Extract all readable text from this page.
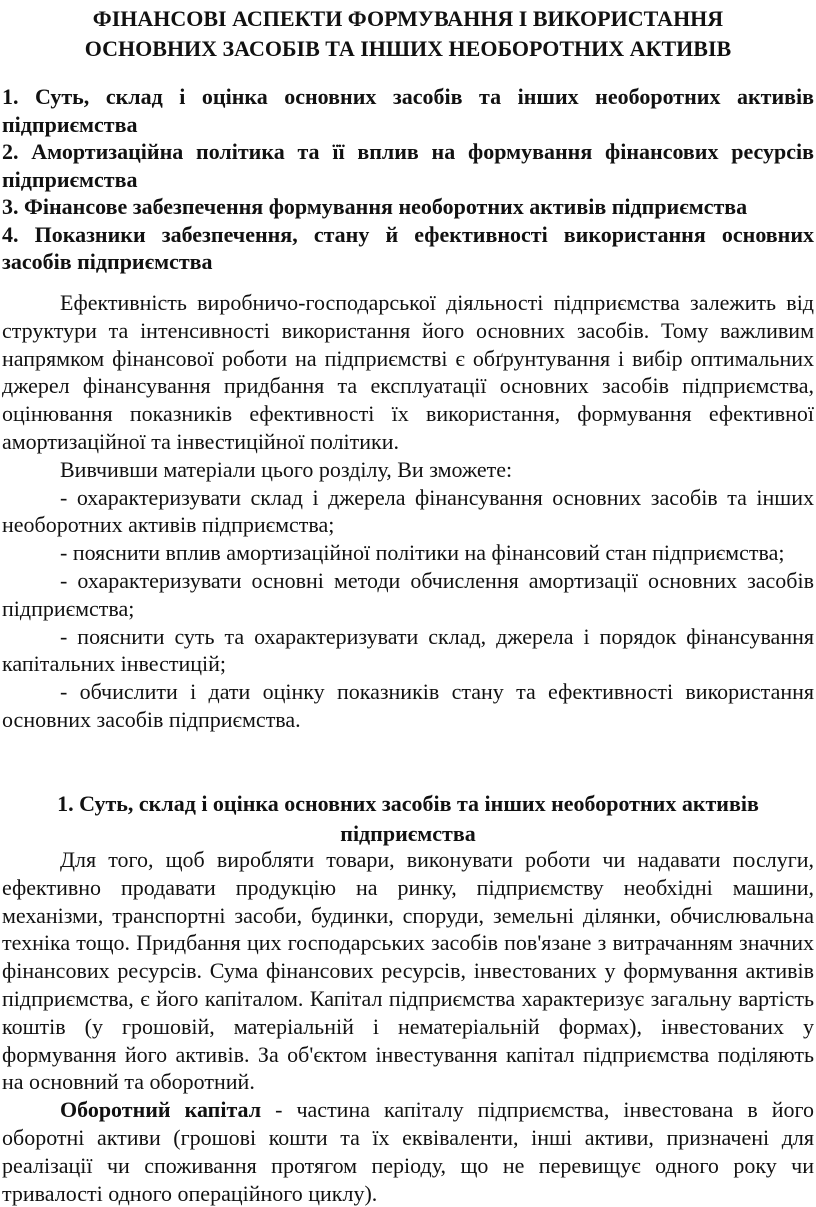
ФІНАНСОВІ АСПЕКТИ ФОРМУВАННЯ І ВИКОРИСТАННЯ
ОСНОВНИХ ЗАСОБІВ ТА ІНШИХ НЕОБОРОТНИХ АКТИВІВ
1. Суть, склад і оцінка основних засобів та інших необоротних активів підприємства
2. Амортизаційна політика та її вплив на формування фінансових ресурсів підприємства
3. Фінансове забезпечення формування необоротних активів підприємства
4. Показники забезпечення, стану й ефективності використання основних засобів підприємства

Ефективність виробничо-господарської діяльності підприємства залежить від структури та інтенсивності використання його основних засобів. Тому важливим напрямком фінансової роботи на підприємстві є обґрунтування і вибір оптимальних джерел фінансування придбання та експлуатації основних засобів підприємства, оцінювання показників ефективності їх використання, формування ефективної амортизаційної та інвестиційної політики.

Вивчивши матеріали цього розділу, Ви зможете:

- охарактеризувати склад і джерела фінансування основних засобів та інших необоротних активів підприємства;

- пояснити вплив амортизаційної політики на фінансовий стан підприємства;

- охарактеризувати основні методи обчислення амортизації основних засобів підприємства;

- пояснити суть та охарактеризувати склад, джерела і порядок фінансування капітальних інвестицій;

- обчислити і дати оцінку показників стану та ефективності використання основних засобів підприємства.

1. Суть, склад і оцінка основних засобів та інших необоротних активів
підприємства

Для того, щоб виробляти товари, виконувати роботи чи надавати послуги, ефективно продавати продукцію на ринку, підприємству необхідні машини, механізми, транспортні засоби, будинки, споруди, земельні ділянки, обчислювальна техніка тощо. Придбання цих господарських засобів пов'язане з витрачанням значних фінансових ресурсів. Сума фінансових ресурсів, інвестованих у формування активів підприємства, є його капіталом. Капітал підприємства характеризує загальну вартість коштів (у грошовій, матеріальній і нематеріальній формах), інвестованих у формування його активів. За об'єктом інвестування капітал підприємства поділяють на основний та оборотний.

Оборотний капітал - частина капіталу підприємства, інвестована в його оборотні активи (грошові кошти та їх еквіваленти, інші активи, призначені для реалізації чи споживання протягом періоду, що не перевищує одного року чи тривалості одного операційного циклу).
